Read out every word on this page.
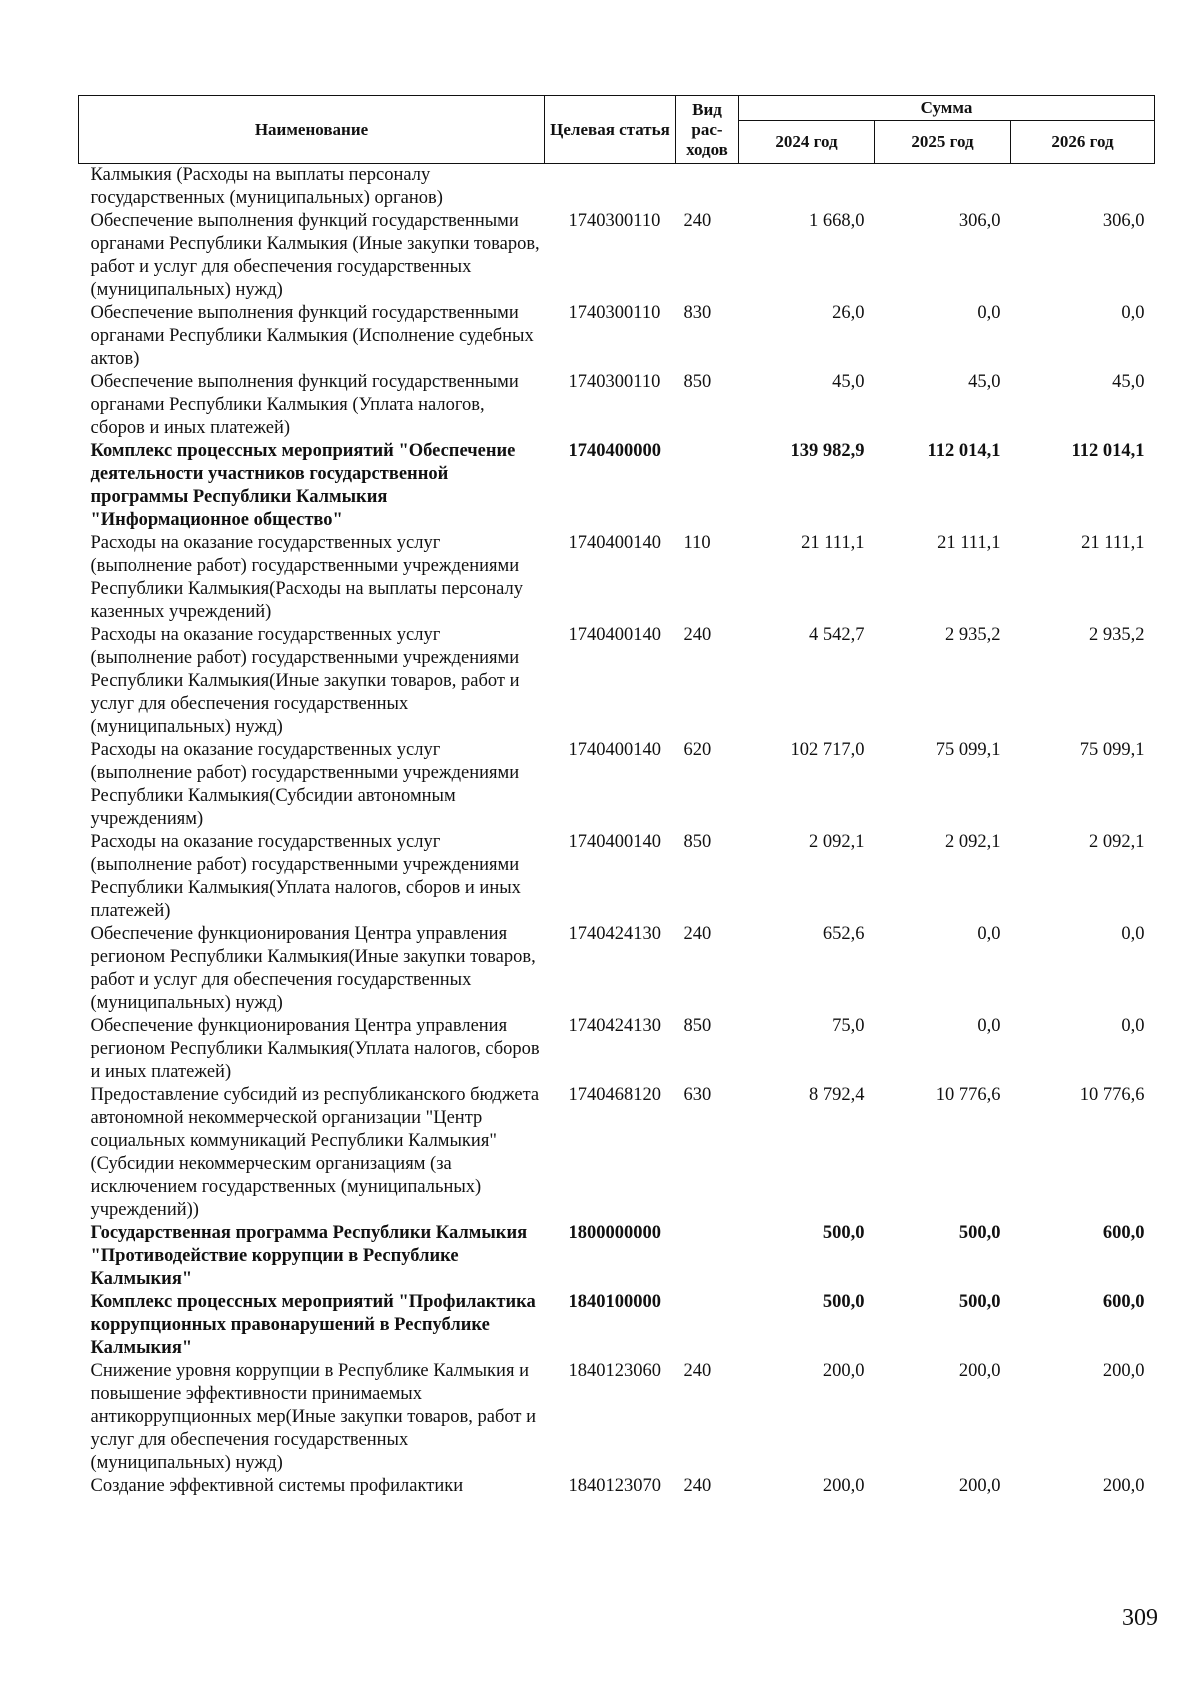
Наименование	Целевая статья	Вид рас-ходов	Сумма		
			2024 год	2025 год	2026 год
Калмыкия (Расходы на выплаты персоналу государственных (муниципальных) органов)					
Обеспечение выполнения функций государственными органами Республики Калмыкия (Иные закупки товаров, работ и услуг для обеспечения государственных (муниципальных) нужд)	1740300110	240	1 668,0	306,0	306,0
Обеспечение выполнения функций государственными органами Республики Калмыкия (Исполнение судебных актов)	1740300110	830	26,0	0,0	0,0
Обеспечение выполнения функций государственными органами Республики Калмыкия (Уплата налогов, сборов и иных платежей)	1740300110	850	45,0	45,0	45,0
Комплекс процессных мероприятий "Обеспечение деятельности участников государственной программы Республики Калмыкия "Информационное общество"	1740400000		139 982,9	112 014,1	112 014,1
Расходы на оказание государственных услуг (выполнение работ) государственными учреждениями Республики Калмыкия(Расходы на выплаты персоналу казенных учреждений)	1740400140	110	21 111,1	21 111,1	21 111,1
Расходы на оказание государственных услуг (выполнение работ) государственными учреждениями Республики Калмыкия(Иные закупки товаров, работ и услуг для обеспечения государственных (муниципальных) нужд)	1740400140	240	4 542,7	2 935,2	2 935,2
Расходы на оказание государственных услуг (выполнение работ) государственными учреждениями Республики Калмыкия(Субсидии автономным учреждениям)	1740400140	620	102 717,0	75 099,1	75 099,1
Расходы на оказание государственных услуг (выполнение работ) государственными учреждениями Республики Калмыкия(Уплата налогов, сборов и иных платежей)	1740400140	850	2 092,1	2 092,1	2 092,1
Обеспечение функционирования Центра управления регионом Республики Калмыкия(Иные закупки товаров, работ и услуг для обеспечения государственных (муниципальных) нужд)	1740424130	240	652,6	0,0	0,0
Обеспечение функционирования Центра управления регионом Республики Калмыкия(Уплата налогов, сборов и иных платежей)	1740424130	850	75,0	0,0	0,0
Предоставление субсидий из республиканского бюджета автономной некоммерческой организации "Центр социальных коммуникаций Республики Калмыкия"(Субсидии некоммерческим организациям (за исключением государственных (муниципальных) учреждений))	1740468120	630	8 792,4	10 776,6	10 776,6
Государственная программа Республики Калмыкия "Противодействие коррупции в Республике Калмыкия"	1800000000		500,0	500,0	600,0
Комплекс процессных мероприятий "Профилактика коррупционных правонарушений в Республике Калмыкия"	1840100000		500,0	500,0	600,0
Снижение уровня коррупции в Республике Калмыкия и повышение эффективности принимаемых антикоррупционных мер(Иные закупки товаров, работ и услуг для обеспечения государственных (муниципальных) нужд)	1840123060	240	200,0	200,0	200,0
Создание эффективной системы профилактики	1840123070	240	200,0	200,0	200,0
309
